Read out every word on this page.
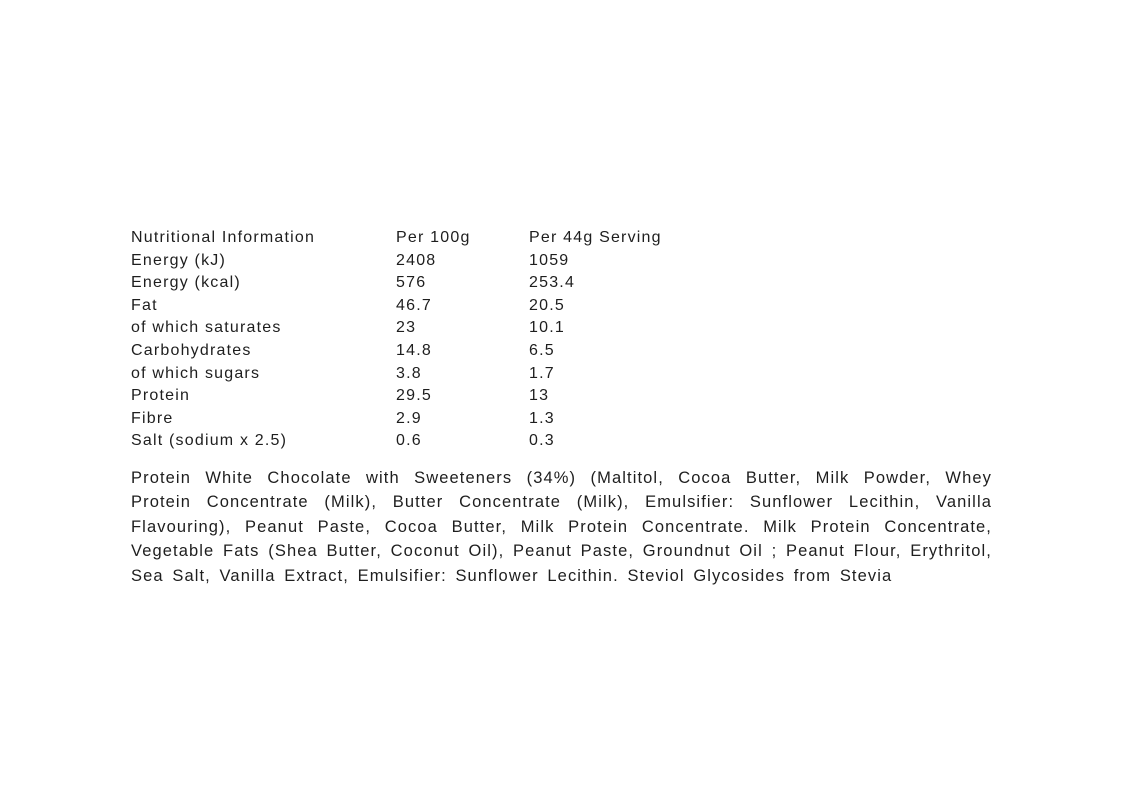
Nutritional Information	Per 100g	Per 44g Serving
Energy (kJ)	2408	1059
Energy (kcal)	576	253.4
Fat	46.7	20.5
of which saturates	23	10.1
Carbohydrates	14.8	6.5
of which sugars	3.8	1.7
Protein	29.5	13
Fibre	2.9	1.3
Salt (sodium x 2.5)	0.6	0.3

Protein White Chocolate with Sweeteners (34%) (Maltitol, Cocoa Butter, Milk Powder, Whey Protein Concentrate (Milk), Butter Concentrate (Milk), Emulsifier: Sunflower Lecithin, Vanilla Flavouring), Peanut Paste, Cocoa Butter, Milk Protein Concentrate. Milk Protein Concentrate, Vegetable Fats (Shea Butter, Coconut Oil), Peanut Paste, Groundnut Oil ; Peanut Flour, Erythritol, Sea Salt, Vanilla Extract, Emulsifier: Sunflower Lecithin. Steviol Glycosides from Stevia
